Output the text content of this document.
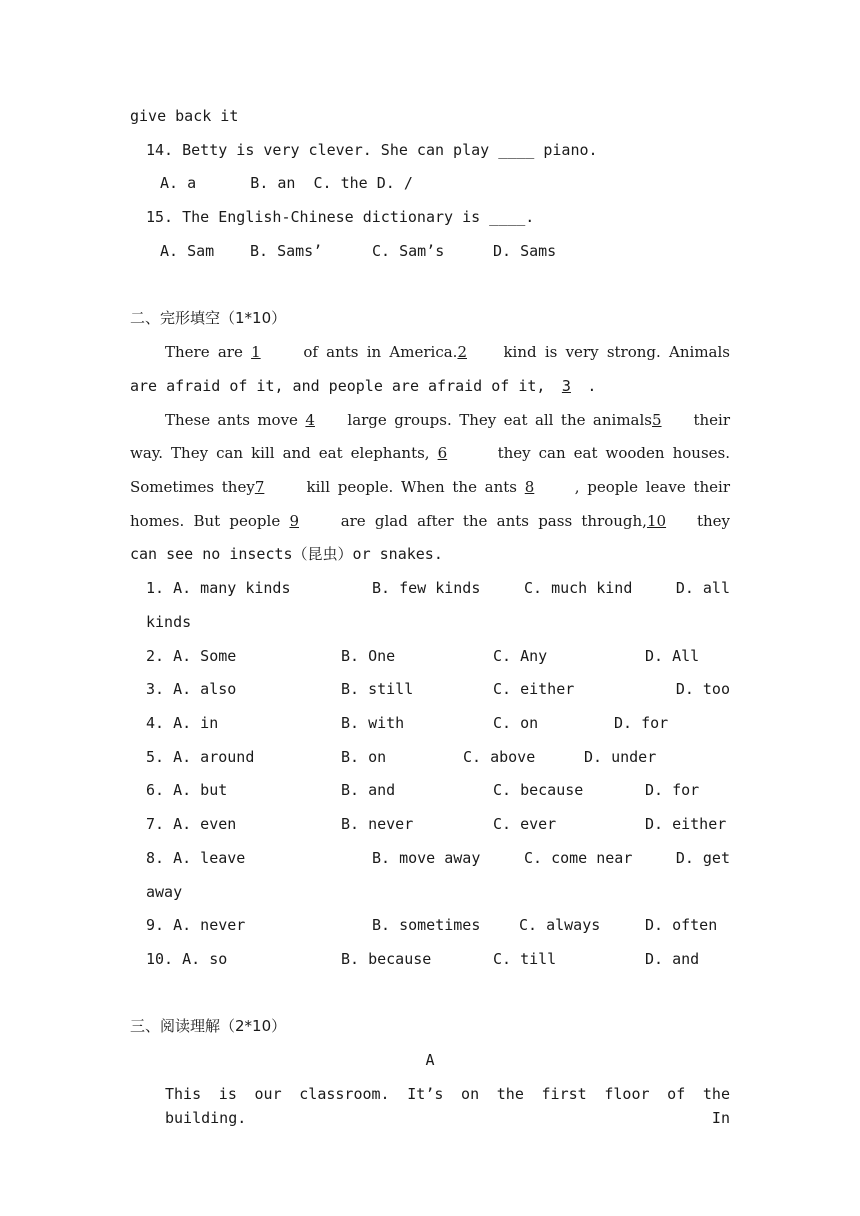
give back it
14. Betty is very clever. She can play ____ piano.
A. a      B. an  C. the D. /
15. The English-Chinese dictionary is ____.

A. Sam

B. Sams’

	C. Sam’s

	D. Sams

二、完形填空（1*10）
There are 1	of ants in America.2 kind is very strong. Animals
are afraid of it, and people are afraid of it, 3 .
These ants move 4 large groups. They eat all the animals5 their
way. They can kill and eat elephants, 6	they can eat wooden houses.
Sometimes they7	kill people. When the ants 8	, people leave their
homes. But people 9	are glad after the ants pass through,10 they
can see no insects（昆虫）or snakes.

1. A. many kinds

	B. few kinds

	C. much kind

	D. all

kinds

2. A. Some

	B. One

	C. Any

	D. All

3. A. also

	B. still

	C. either

	D. too

4. A. in

	B. with

	C. on

	D. for

5. A. around

	B. on

	C. above

	D. under

6. A. but

	B. and

	C. because

	D. for

7. A. even

	B. never

	C. ever

	D. either

8. A. leave

	B. move away

	C. come near

	D. get

away

9. A. never

	B. sometimes

	C. always

	D. often

10. A. so

	B. because

	C. till

	D. and

三、阅读理解（2*10）
A
This is our classroom. It’s on the first floor of the building. In
